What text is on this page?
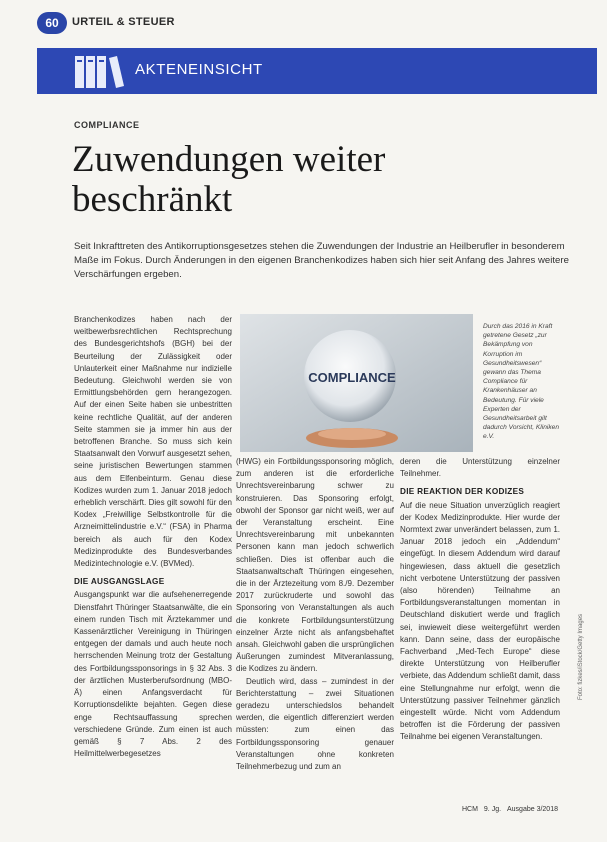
60	URTEIL & STEUER
AKTENEINSICHT
COMPLIANCE
Zuwendungen weiter beschränkt
Seit Inkrafttreten des Antikorruptionsgesetzes stehen die Zuwendungen der Industrie an Heilberufler in besonderem Maße im Fokus. Durch Änderungen in den eigenen Branchenkodizes haben sich hier seit Anfang des Jahres weitere Verschärfungen ergeben.
COMPLIANCE
Durch das 2016 in Kraft getretene Gesetz „zur Bekämpfung von Korruption im Gesundheitswesen“ gewann das Thema Compliance für Krankenhäuser an Bedeutung. Für viele Experten der Gesundheitsarbeit gilt dadurch Vorsicht, Kliniken e.V.

Branchenkodizes haben nach der weitbewerbsrechtlichen Rechtsprechung des Bundesgerichtshofs (BGH) bei der Beurteilung der Zulässigkeit oder Unlauterkeit einer Maßnahme nur indizielle Bedeutung. Gleichwohl werden sie von Ermittlungsbehörden gern herangezogen. Auf der einen Seite haben sie unbestritten keine rechtliche Qualität, auf der anderen Seite stammen sie ja immer hin aus der betroffenen Branche. So muss sich kein Staatsanwalt den Vorwurf ausgesetzt sehen, seine juristischen Bewertungen stammen aus dem Elfenbeinturm. Genau diese Kodizes wurden zum 1. Januar 2018 jedoch erheblich verschärft. Dies gilt sowohl für den Kodex „Freiwillige Selbstkontrolle für die Arzneimittelindustrie e.V.“ (FSA) in Pharma bereich als auch für den Kodex Medizinprodukte des Bundesverbandes Medizintechnologie e.V. (BVMed).

DIE AUSGANGSLAGE

Ausgangspunkt war die aufsehenerregende Dienstfahrt Thüringer Staatsanwälte, die ein einem runden Tisch mit Ärztekammer und Kassenärztlicher Vereinigung in Thüringen entgegen der damals und auch heute noch herrschenden Meinung trotz der Gestaltung des Fortbildungssponsorings in § 32 Abs. 3 der ärztlichen Musterberufsordnung (MBO-Ä) einen Anfangsverdacht für Korruptionsdelikte bejahten. Gegen diese enge Rechtsauffassung sprechen verschiedene Gründe. Zum einen ist auch gemäß § 7 Abs. 2 des Heilmittelwerbegesetzes

(HWG) ein Fortbildungssponsoring möglich, zum anderen ist die erforderliche Unrechtsvereinbarung schwer zu konstruieren. Das Sponsoring erfolgt, obwohl der Sponsor gar nicht weiß, wer auf der Veranstaltung erscheint. Eine Unrechtsvereinbarung mit unbekannten Personen kann man jedoch schwerlich schließen. Dies ist offenbar auch die Staatsanwaltschaft Thüringen eingesehen, die in der Ärztezeitung vom 8./9. Dezember 2017 zurückruderte und sowohl das Sponsoring von Veranstaltungen als auch die konkrete Fortbildungsunterstützung einzelner Ärzte nicht als anfangsbehaftet ansah. Gleichwohl gaben die ursprünglichen Äußerungen zumindest Mitveranlassung, die Kodizes zu ändern.

Deutlich wird, dass – zumindest in der Berichterstattung – zwei Situationen geradezu unterschiedslos behandelt werden, die eigentlich differenziert werden müssten: zum einen das Fortbildungssponsoring genauer Veranstaltungen ohne konkreten Teilnehmerbezug und zum an

deren die Unterstützung einzelner Teilnehmer.

DIE REAKTION DER KODIZES

Auf die neue Situation unverzüglich reagiert der Kodex Medizinprodukte. Hier wurde der Normtext zwar unverändert belassen, zum 1. Januar 2018 jedoch ein „Addendum“ eingefügt. In diesem Addendum wird darauf hingewiesen, dass aktuell die gesetzlich nicht verbotene Unterstützung der passiven (also hörenden) Teilnahme an Fortbildungsveranstaltungen momentan in Deutschland diskutiert werde und fraglich sei, inwieweit diese weitergeführt werden kann. Dann seine, dass der europäische Fachverband „Med-Tech Europe“ diese direkte Unterstützung von Heilberufler verbiete, das Addendum schließt damit, dass eine Stellungnahme nur erfolgt, wenn die Unterstützung passiver Teilnehmer gänzlich eingestellt würde. Nicht vom Addendum betroffen ist die Förderung der passiven Teilnahme bei eigenen Veranstaltungen.

Foto: fizkes/iStock/Getty Images
HCM 9. Jg. Ausgabe 3/2018
